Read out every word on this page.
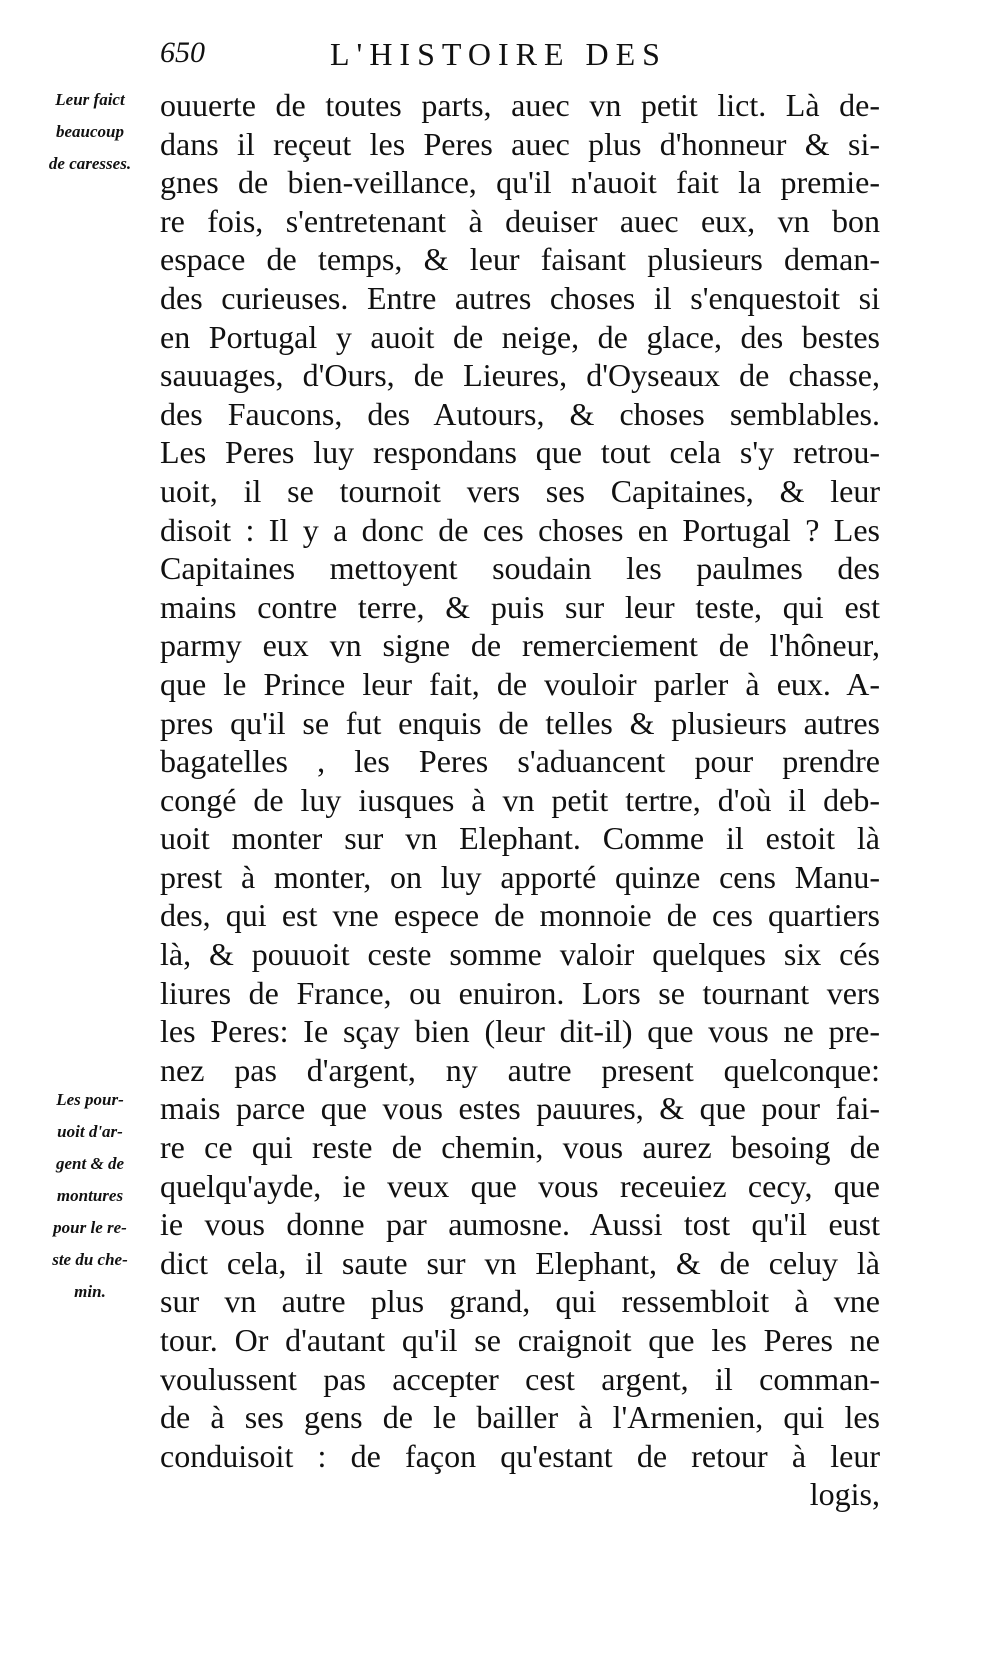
650	L'HISTOIRE DES
Leur faict
beaucoup
de caresses.
Les pour-
uoit d'ar-
gent & de
montures
pour le re-
ste du che-
min.
ouuerte de toutes parts, auec vn petit lict. Là de-
dans il reçeut les Peres auec plus d'honneur & si-
gnes de bien-veillance, qu'il n'auoit fait la premie-
re fois, s'entretenant à deuiser auec eux, vn bon
espace de temps, & leur faisant plusieurs deman-
des curieuses. Entre autres choses il s'enquestoit si
en Portugal y auoit de neige, de glace, des bestes
sauuages, d'Ours, de Lieures, d'Oyseaux de chasse,
des Faucons, des Autours, & choses semblables.
Les Peres luy respondans que tout cela s'y retrou-
uoit, il se tournoit vers ses Capitaines, & leur
disoit : Il y a donc de ces choses en Portugal ? Les
Capitaines mettoyent soudain les paulmes des
mains contre terre, & puis sur leur teste, qui est
parmy eux vn signe de remerciement de l'hôneur,
que le Prince leur fait, de vouloir parler à eux. A-
pres qu'il se fut enquis de telles & plusieurs autres
bagatelles , les Peres s'aduancent pour prendre
congé de luy iusques à vn petit tertre, d'où il deb-
uoit monter sur vn Elephant. Comme il estoit là
prest à monter, on luy apporté quinze cens Manu-
des, qui est vne espece de monnoie de ces quartiers
là, & pouuoit ceste somme valoir quelques six cés
liures de France, ou enuiron. Lors se tournant vers
les Peres: Ie sçay bien (leur dit-il) que vous ne pre-
nez pas d'argent, ny autre present quelconque:
mais parce que vous estes pauures, & que pour fai-
re ce qui reste de chemin, vous aurez besoing de
quelqu'ayde, ie veux que vous receuiez cecy, que
ie vous donne par aumosne. Aussi tost qu'il eust
dict cela, il saute sur vn Elephant, & de celuy là
sur vn autre plus grand, qui ressembloit à vne
tour. Or d'autant qu'il se craignoit que les Peres ne
voulussent pas accepter cest argent, il comman-
de à ses gens de le bailler à l'Armenien, qui les
conduisoit : de façon qu'estant de retour à leur
logis,
